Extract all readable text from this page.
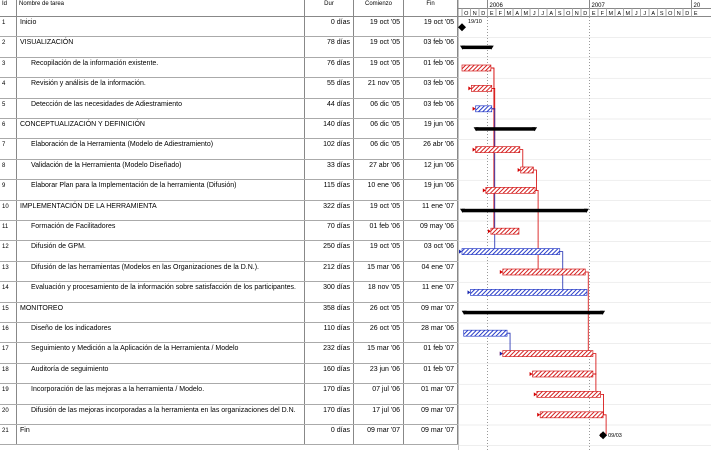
Id	Nombre de tarea	Dur	Comienzo	Fin
1	Inicio	0 días	19 oct '05	19 oct '05
2	VISUALIZACIÓN	78 días	19 oct '05	03 feb '06
3	Recopilación de la información existente.	76 días	19 oct '05	01 feb '06
4	Revisión y análisis de la información.	55 días	21 nov '05	03 feb '06
5	Detección de las necesidades de Adiestramiento	44 días	06 dic '05	03 feb '06
6	CONCEPTUALIZACIÓN Y DEFINICIÓN	140 días	06 dic '05	19 jun '06
7	Elaboración de la Herramienta (Modelo de Adiestramiento)	102 días	06 dic '05	26 abr '06
8	Validación de la Herramienta (Modelo Diseñado)	33 días	27 abr '06	12 jun '06
9	Elaborar Plan para la Implementación de la herramienta (Difusión)	115 días	10 ene '06	19 jun '06
10	IMPLEMENTACIÓN DE LA HERRAMIENTA	322 días	19 oct '05	11 ene '07
11	Formación de Facilitadores	70 días	01 feb '06	09 may '06
12	Difusión de GPM.	250 días	19 oct '05	03 oct '06
13	Difusión de las herramientas (Modelos en las Organizaciones de la D.N.).	212 días	15 mar '06	04 ene '07
14	Evaluación y procesamiento de la información sobre satisfacción de los participantes.	300 días	18 nov '05	11 ene '07
15	MONITOREO	358 días	26 oct '05	09 mar '07
16	Diseño de los indicadores	110 días	26 oct '05	28 mar '06
17	Seguimiento y Medición a la Aplicación de la Herramienta / Modelo	232 días	15 mar '06	01 feb '07
18	Auditoría de seguimiento	160 días	23 jun '06	01 feb '07
19	Incorporación de las mejoras a la herramienta / Modelo.	170 días	07 jul '06	01 mar '07
20	Difusión de las mejoras incorporadas a la herramienta en las organizaciones del D.N.	170 días	17 jul '06	09 mar '07
21	Fin	0 días	09 mar '07	09 mar '07
2006	2007	20
O N D E F M A M J J A S O N D E F M A M J J A S O N D E
19/10
09/03
